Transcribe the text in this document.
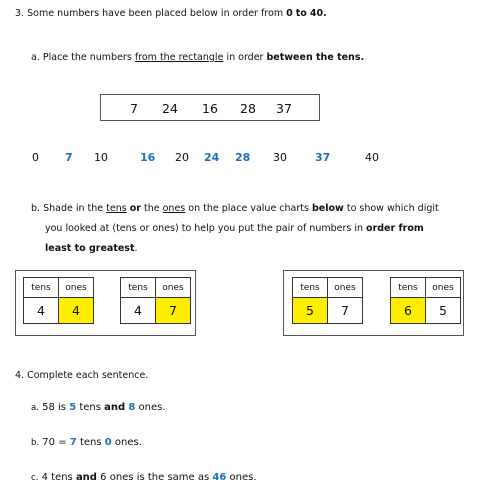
3. Some numbers have been placed below in order from 0 to 40.
a. Place the numbers from the rectangle in order between the tens.
7 24 16 28 37
0 7 10	16 20 24 28 30	37	40
b. Shade in the tens or the ones on the place value charts below to show which digit
you looked at (tens or ones) to help you put the pair of numbers in order from
least to greatest.
tens	ones
4	4
tens	ones
4	7
tens	ones
5	7
tens	ones
6	5
4. Complete each sentence.
a. 58 is 5 tens and 8 ones.
b. 70 = 7 tens 0 ones.
c. 4 tens and 6 ones is the same as 46 ones.
